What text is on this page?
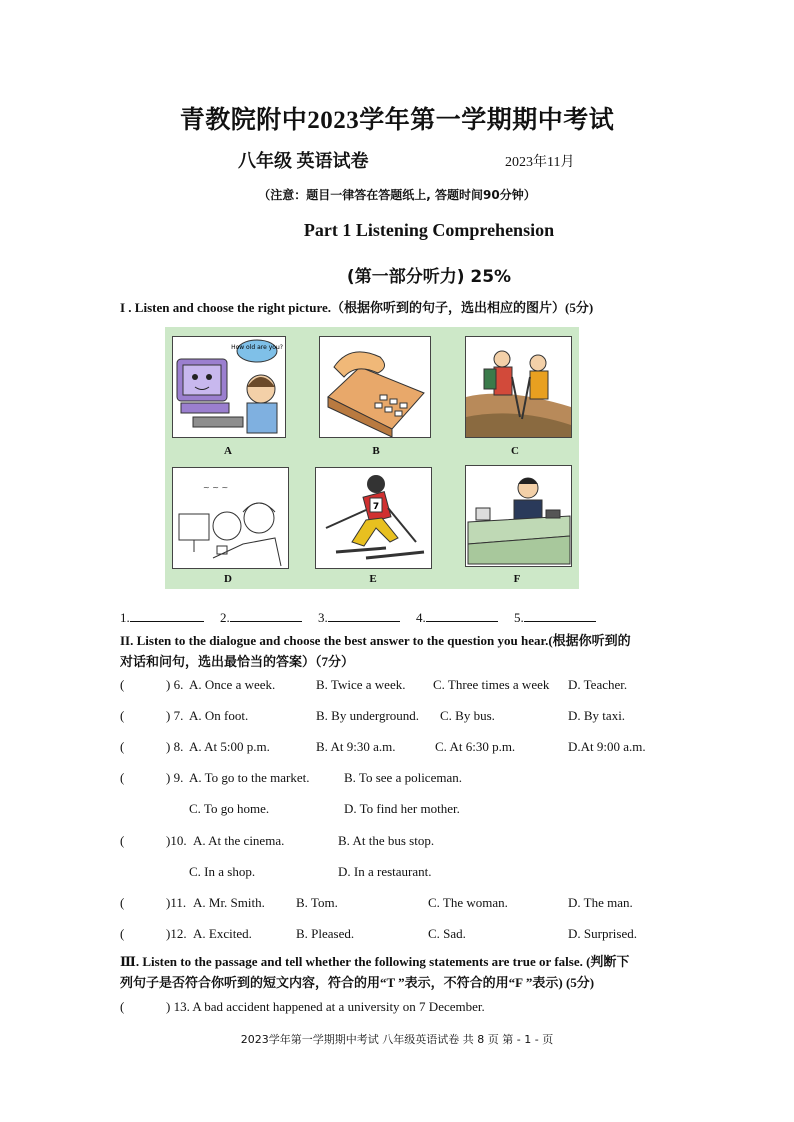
青教院附中2023学年第一学期期中考试
八年级 英语试卷	2023年11月
（注意：题目一律答在答题纸上, 答题时间90分钟）
Part 1 Listening Comprehension
(第一部分听力) 25%
I . Listen and choose the right picture.（根据你听到的句子，选出相应的图片）(5分)
How old are you?
A	B	C
~ ~ ~
D
7
E	F
1.	2.	3.	4.	5.
II. Listen to the dialogue and choose the best answer to the question you hear.(根据你听到的
对话和问句，选出最恰当的答案）（7分）
(	) 6. A. Once a week.	B. Twice a week. C. Three times a week D. Teacher.
(	) 7. A. On foot.	B. By underground. C. By bus.	D. By taxi.
(	) 8. A. At 5:00 p.m.	B. At 9:30 a.m.	C. At 6:30 p.m.	D.At 9:00 a.m.
(	) 9. A. To go to the market.	B. To see a policeman.
C. To go home.	D. To find her mother.
(	)10. A. At the cinema.	B. At the bus stop.
C. In a shop.	D. In a restaurant.
(	)11. A. Mr. Smith. B. Tom.	C. The woman.	D. The man.
(	)12. A. Excited.	B. Pleased.	C. Sad.	D. Surprised.
Ⅲ. Listen to the passage and tell whether the following statements are true or false. (判断下
列句子是否符合你听到的短文内容，符合的用“T ”表示，不符合的用“F ”表示) (5分)
(	) 13. A bad accident happened at a university on 7 December.
2023学年第一学期期中考试 八年级英语试卷 共 8 页 第 - 1 - 页
